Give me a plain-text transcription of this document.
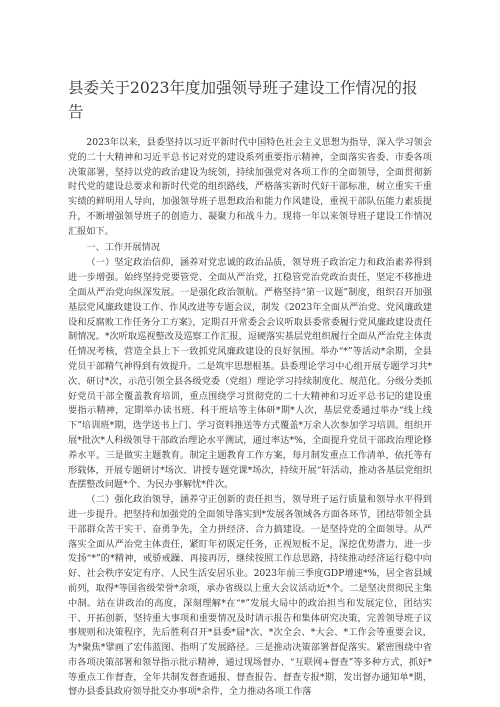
县委关于2023年度加强领导班子建设工作情况的报告

2023年以来，县委坚持以习近平新时代中国特色社会主义思想为指导，深入学习领会党的二十大精神和习近平总书记对党的建设系列重要指示精神，全面落实省委、市委各项决策部署，坚持以党的政治建设为统领，持续加强党对各项工作的全面领导，全面贯彻新时代党的建设总要求和新时代党的组织路线，严格落实新时代好干部标准，树立重实干重实绩的鲜明用人导向，加强领导班子思想政治和能力作风建设，重视干部队伍能力素质提升，不断增强领导班子的创造力、凝聚力和战斗力。现将一年以来领导班子建设工作情况汇报如下。

一、工作开展情况

（一）坚定政治信仰，涵养对党忠诚的政治品质，领导班子政治定力和政治素养得到进一步增强。始终坚持党要管党、全面从严治党，扛稳管党治党政治责任，坚定不移推进全面从严治党向纵深发展。一是强化政治领航。严格坚持“第一议题”制度，组织召开加强基层党风廉政建设工作、作风改进等专题会议，制发《2023年全面从严治党、党风廉政建设和反腐败工作任务分工方案》，定期召开常委会会议听取县委常委履行党风廉政建设责任制情况。*次听取巡视整改及巡察工作汇报，逗硬落实基层党组织履行全面从严治党主体责任情况考核，营造全县上下一致抓党风廉政建设的良好氛围。举办“*”等活动*余期，全县党员干部精气神得到有效提升。二是筑牢思想根基。县委理论学习中心组开展专题学习共*次、研讨*次，示范引领全县各级党委（党组）理论学习持续制度化、规范化。分级分类抓好党员干部全覆盖教育培训，重点围绕学习贯彻党的二十大精神和习近平总书记的建设重要指示精神，定期举办读书班、科干班培等主体研*期*人次，基层党委通过举办“线上线下”培训班*期，选学送书上门、学习资料推送等方式覆盖*万余人次参加学习培训。组织开展*批次*人科级领导干部政治理论水平测试，通过率达*%，全面提升党员干部政治理论修养水平。三是做实主题教育。制定主题教育工作方案，每月制发重点工作清单，依托等有形载体，开展专题研讨*场次、讲授专题党课*场次，持续开展“轩活动，推动各基层党组织查摆整改问题*个、为民办事解忧*件次。

（二）强化政治领导，涵养守正创新的责任担当，领导班子运行质量和领导水平得到进一步提升。把坚持和加强党的全面领导落实到*发展各领域各方面各环节，团结带领全县干部群众苦干实干、奋勇争先，全力拼经济、合力搞建设。一是坚持党的全面领导。从严落实全面从严治党主体责任，紧盯年初既定任务，正视短板不足，深挖优势潜力，进一步发扬“*”的*精神，戒骄戒躁、再接再厉，继续按照工作总思路，持续推动经济运行稳中向好、社会秩序安定有序、人民生活安居乐业。2023年前三季度GDP增速*%，居全省县域前列，取得*等国省级荣誉*余项，承办省级以上重大会议活动近*个。二是坚决贯彻民主集中制。站在讲政治的高度，深刻理解*在“*”发展大局中的政治担当和发展定位，团结实干、开拓创新，坚持重大事项和重要情况及时请示报告和集体研究决策，完善领导班子议事规则和决策程序，先后胜利召开*县委*届*次、*次全会、*大会、*工作会等重要会议，为*聚焦*擘画了宏伟蓝图、指明了发展路径。三是推动决策部署督促落实。紧密围绕中省市各项决策部署和领导指示批示精神，通过现场督办、“互联网+督查”等多种方式，抓好*等重点工作督查，全年共制发督查通报、督查报告、督查专报*期，发出督办通知单*期，督办县委县政府领导批交办事项*余件，全力推动各项工作落
